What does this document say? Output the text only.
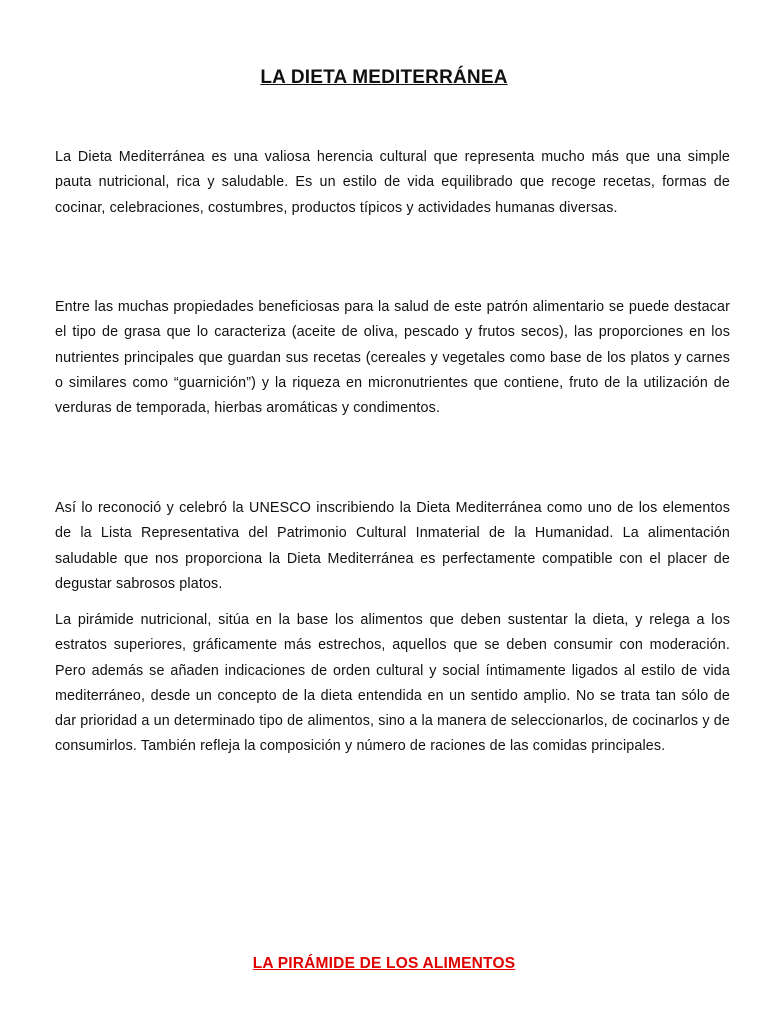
LA DIETA MEDITERRÁNEA

La Dieta Mediterránea es una valiosa herencia cultural que representa mucho más que una simple pauta nutricional, rica y saludable. Es un estilo de vida equilibrado que recoge recetas, formas de cocinar, celebraciones, costumbres, productos típicos y actividades humanas diversas.

Entre las muchas propiedades beneficiosas para la salud de este patrón alimentario se puede destacar el tipo de grasa que lo caracteriza (aceite de oliva, pescado y frutos secos), las proporciones en los nutrientes principales que guardan sus recetas (cereales y vegetales como base de los platos y carnes o similares como “guarnición”) y la riqueza en micronutrientes que contiene, fruto de la utilización de verduras de temporada, hierbas aromáticas y condimentos.

Así lo reconoció y celebró la UNESCO inscribiendo la Dieta Mediterránea como uno de los elementos de la Lista Representativa del Patrimonio Cultural Inmaterial de la Humanidad. La alimentación saludable que nos proporciona la Dieta Mediterránea es perfectamente compatible con el placer de degustar sabrosos platos.

La pirámide nutricional, sitúa en la base los alimentos que deben sustentar la dieta, y relega a los estratos superiores, gráficamente más estrechos, aquellos que se deben consumir con moderación. Pero además se añaden indicaciones de orden cultural y social íntimamente ligados al estilo de vida mediterráneo, desde un concepto de la dieta entendida en un sentido amplio. No se trata tan sólo de dar prioridad a un determinado tipo de alimentos, sino a la manera de seleccionarlos, de cocinarlos y de consumirlos. También refleja la composición y número de raciones de las comidas principales.

LA PIRÁMIDE DE LOS ALIMENTOS
